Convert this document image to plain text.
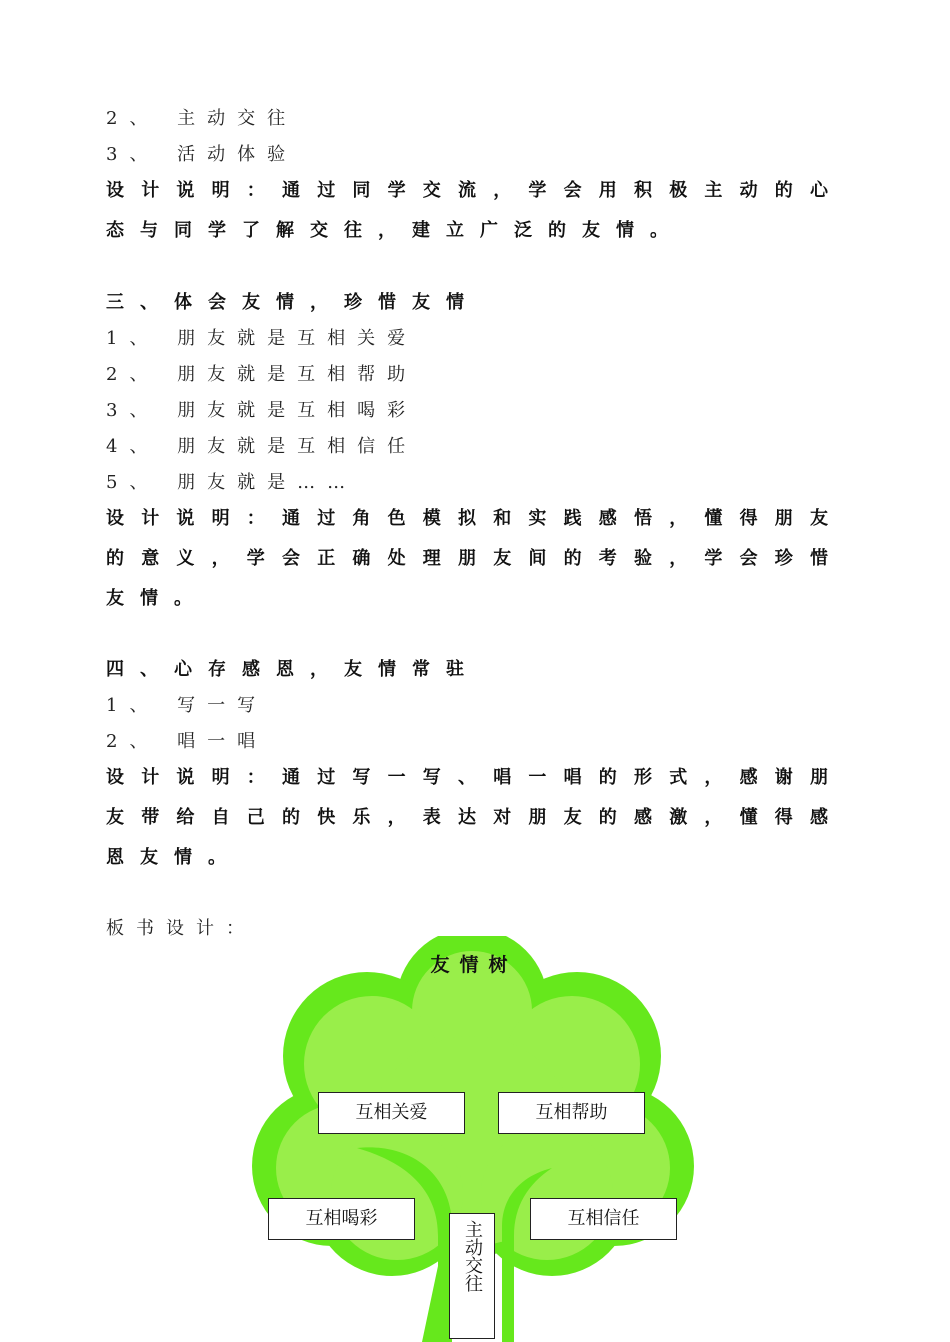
2、 主动交往
3、 活动体验
设计说明：通过同学交流，学会用积极主动的心
态与同学了解交往，建立广泛的友情。
三、体会友情，珍惜友情
1、 朋友就是互相关爱
2、 朋友就是互相帮助
3、 朋友就是互相喝彩
4、 朋友就是互相信任
5、 朋友就是……
设计说明：通过角色模拟和实践感悟，懂得朋友
的意义，学会正确处理朋友间的考验，学会珍惜
友情。
四、心存感恩，友情常驻
1、 写一写
2、 唱一唱
设计说明：通过写一写、唱一唱的形式，感谢朋
友带给自己的快乐，表达对朋友的感激，懂得感
恩友情。
板书设计：
友情树
互相关爱	互相帮助
互相喝彩	互相信任
主动交往
